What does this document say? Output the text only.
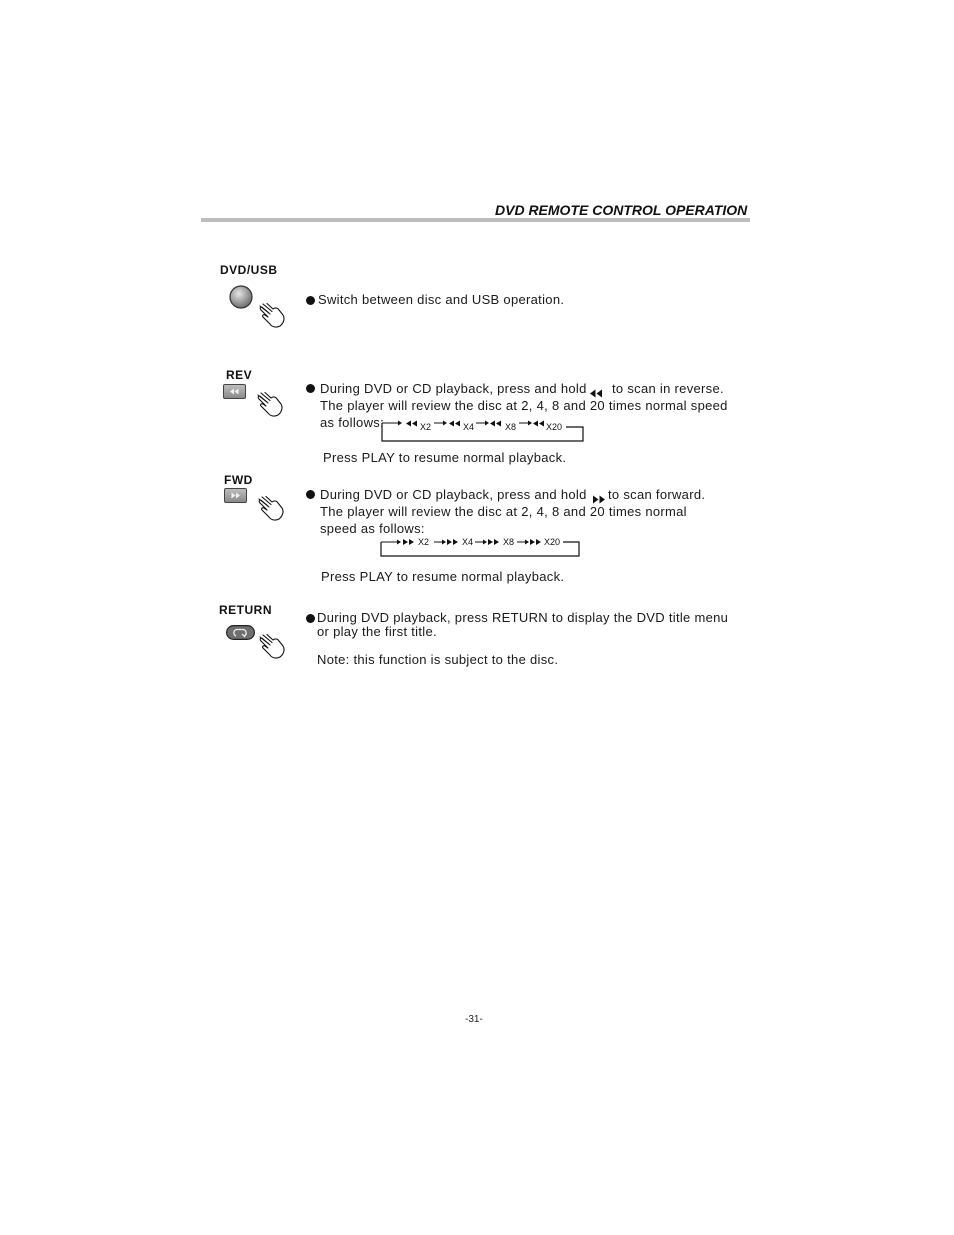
DVD REMOTE CONTROL OPERATION
DVD/USB
Switch between disc and USB operation.
REV
During DVD or CD playback, press and hold to scan in reverse.
The player will review the disc at 2, 4, 8 and 20 times normal speed
as follows:	X2	X4	X8	X20
Press PLAY to resume normal playback.
FWD
During DVD or CD playback, press and hold to scan forward.
The player will review the disc at 2, 4, 8 and 20 times normal
speed as follows:
X2	X4	X8	X20
Press PLAY to resume normal playback.
RETURN	During DVD playback, press RETURN to display the DVD title menu
or play the first title.
Note: this function is subject to the disc.
-31-
